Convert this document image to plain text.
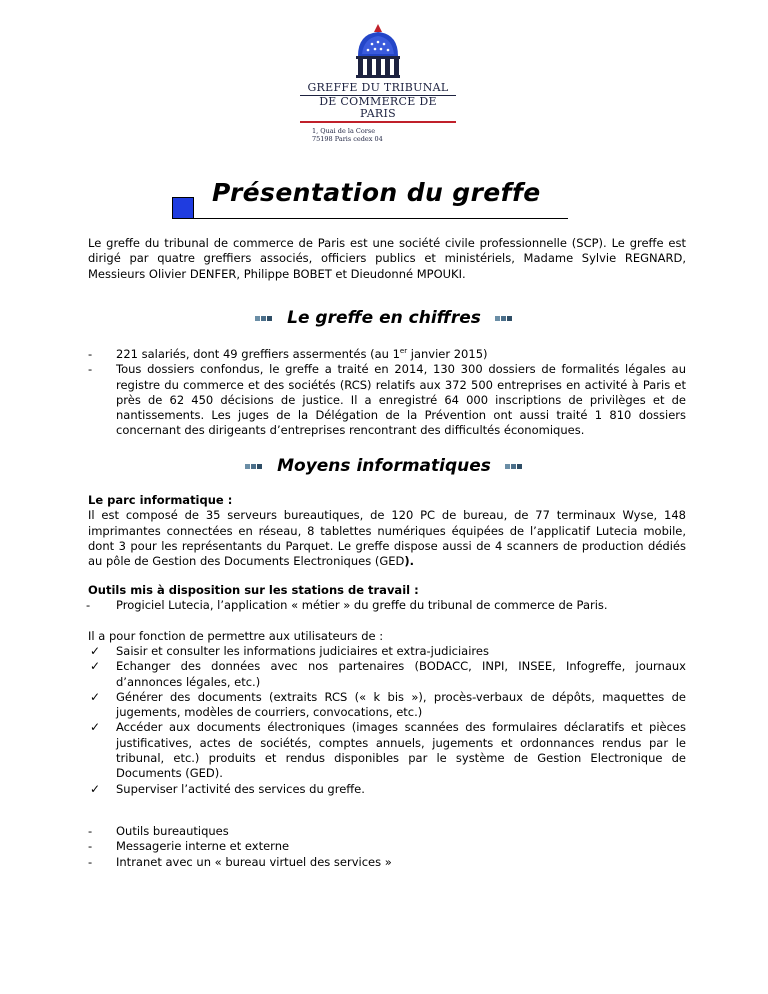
GREFFE DU TRIBUNAL
DE COMMERCE DE PARIS
1, Quai de la Corse
75198 Paris cedex 04
Présentation du greffe
Le greffe du tribunal de commerce de Paris est une société civile professionnelle (SCP). Le greffe est dirigé par quatre greffiers associés, officiers publics et ministériels, Madame Sylvie REGNARD, Messieurs Olivier DENFER, Philippe BOBET et Dieudonné MPOUKI.
Le greffe en chiffres
- 221 salariés, dont 49 greffiers assermentés (au 1er janvier 2015)
- Tous dossiers confondus, le greffe a traité en 2014, 130 300 dossiers de formalités légales au registre du commerce et des sociétés (RCS) relatifs aux 372 500 entreprises en activité à Paris et près de 62 450 décisions de justice. Il a enregistré 64 000 inscriptions de privilèges et de nantissements. Les juges de la Délégation de la Prévention ont aussi traité 1 810 dossiers concernant des dirigeants d’entreprises rencontrant des difficultés économiques.
Moyens informatiques
Le parc informatique :
Il est composé de 35 serveurs bureautiques, de 120 PC de bureau, de 77 terminaux Wyse, 148 imprimantes connectées en réseau, 8 tablettes numériques équipées de l’applicatif Lutecia mobile, dont 3 pour les représentants du Parquet. Le greffe dispose aussi de 4 scanners de production dédiés au pôle de Gestion des Documents Electroniques (GED).
Outils mis à disposition sur les stations de travail :
- Progiciel Lutecia, l’application « métier » du greffe du tribunal de commerce de Paris.
Il a pour fonction de permettre aux utilisateurs de :
✓ Saisir et consulter les informations judiciaires et extra-judiciaires
✓ Echanger des données avec nos partenaires (BODACC, INPI, INSEE, Infogreffe, journaux d’annonces légales, etc.)
✓ Générer des documents (extraits RCS (« k bis »), procès-verbaux de dépôts, maquettes de jugements, modèles de courriers, convocations, etc.)
✓ Accéder aux documents électroniques (images scannées des formulaires déclaratifs et pièces justificatives, actes de sociétés, comptes annuels, jugements et ordonnances rendus par le tribunal, etc.) produits et rendus disponibles par le système de Gestion Electronique de Documents (GED).
✓ Superviser l’activité des services du greffe.
- Outils bureautiques
- Messagerie interne et externe
- Intranet avec un « bureau virtuel des services »
